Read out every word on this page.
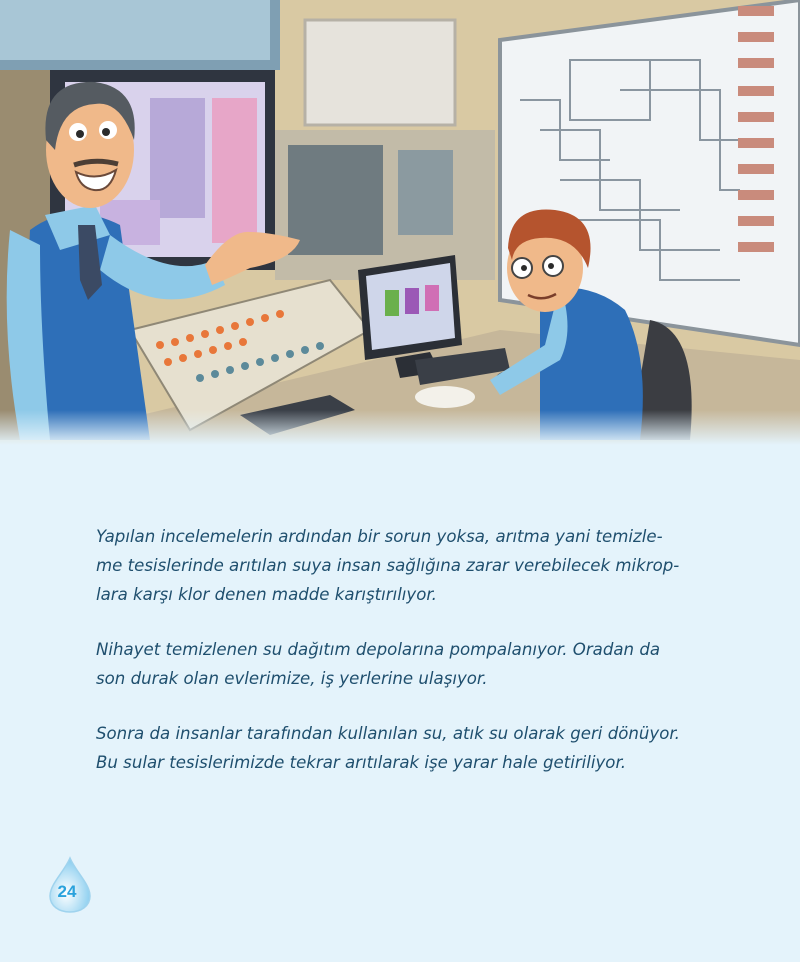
Yapılan incelemelerin ardından bir sorun yoksa, arıtma yani temizle-
me tesislerinde arıtılan suya insan sağlığına zarar verebilecek mikrop-
lara karşı klor denen madde karıştırılıyor.

Nihayet temizlenen su dağıtım depolarına pompalanıyor. Oradan da
son durak olan evlerimize, iş yerlerine ulaşıyor.

Sonra da insanlar tarafından kullanılan su, atık su olarak geri dönüyor.
Bu sular tesislerimizde tekrar arıtılarak işe yarar hale getiriliyor.

24
